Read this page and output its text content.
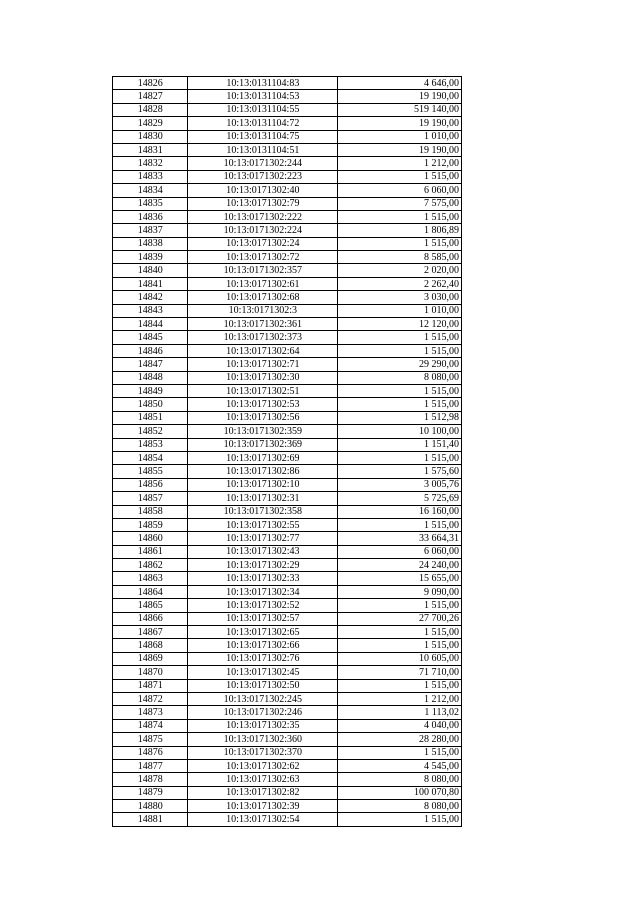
14826	10:13:0131104:83	4 646,00
14827	10:13:0131104:53	19 190,00
14828	10:13:0131104:55	519 140,00
14829	10:13:0131104:72	19 190,00
14830	10:13:0131104:75	1 010,00
14831	10:13:0131104:51	19 190,00
14832	10:13:0171302:244	1 212,00
14833	10:13:0171302:223	1 515,00
14834	10:13:0171302:40	6 060,00
14835	10:13:0171302:79	7 575,00
14836	10:13:0171302:222	1 515,00
14837	10:13:0171302:224	1 806,89
14838	10:13:0171302:24	1 515,00
14839	10:13:0171302:72	8 585,00
14840	10:13:0171302:357	2 020,00
14841	10:13:0171302:61	2 262,40
14842	10:13:0171302:68	3 030,00
14843	10:13:0171302:3	1 010,00
14844	10:13:0171302:361	12 120,00
14845	10:13:0171302:373	1 515,00
14846	10:13:0171302:64	1 515,00
14847	10:13:0171302:71	29 290,00
14848	10:13:0171302:30	8 080,00
14849	10:13:0171302:51	1 515,00
14850	10:13:0171302:53	1 515,00
14851	10:13:0171302:56	1 512,98
14852	10:13:0171302:359	10 100,00
14853	10:13:0171302:369	1 151,40
14854	10:13:0171302:69	1 515,00
14855	10:13:0171302:86	1 575,60
14856	10:13:0171302:10	3 005,76
14857	10:13:0171302:31	5 725,69
14858	10:13:0171302:358	16 160,00
14859	10:13:0171302:55	1 515,00
14860	10:13:0171302:77	33 664,31
14861	10:13:0171302:43	6 060,00
14862	10:13:0171302:29	24 240,00
14863	10:13:0171302:33	15 655,00
14864	10:13:0171302:34	9 090,00
14865	10:13:0171302:52	1 515,00
14866	10:13:0171302:57	27 700,26
14867	10:13:0171302:65	1 515,00
14868	10:13:0171302:66	1 515,00
14869	10:13:0171302:76	10 605,00
14870	10:13:0171302:45	71 710,00
14871	10:13:0171302:50	1 515,00
14872	10:13:0171302:245	1 212,00
14873	10:13:0171302:246	1 113,02
14874	10:13:0171302:35	4 040,00
14875	10:13:0171302:360	28 280,00
14876	10:13:0171302:370	1 515,00
14877	10:13:0171302:62	4 545,00
14878	10:13:0171302:63	8 080,00
14879	10:13:0171302:82	100 070,80
14880	10:13:0171302:39	8 080,00
14881	10:13:0171302:54	1 515,00
